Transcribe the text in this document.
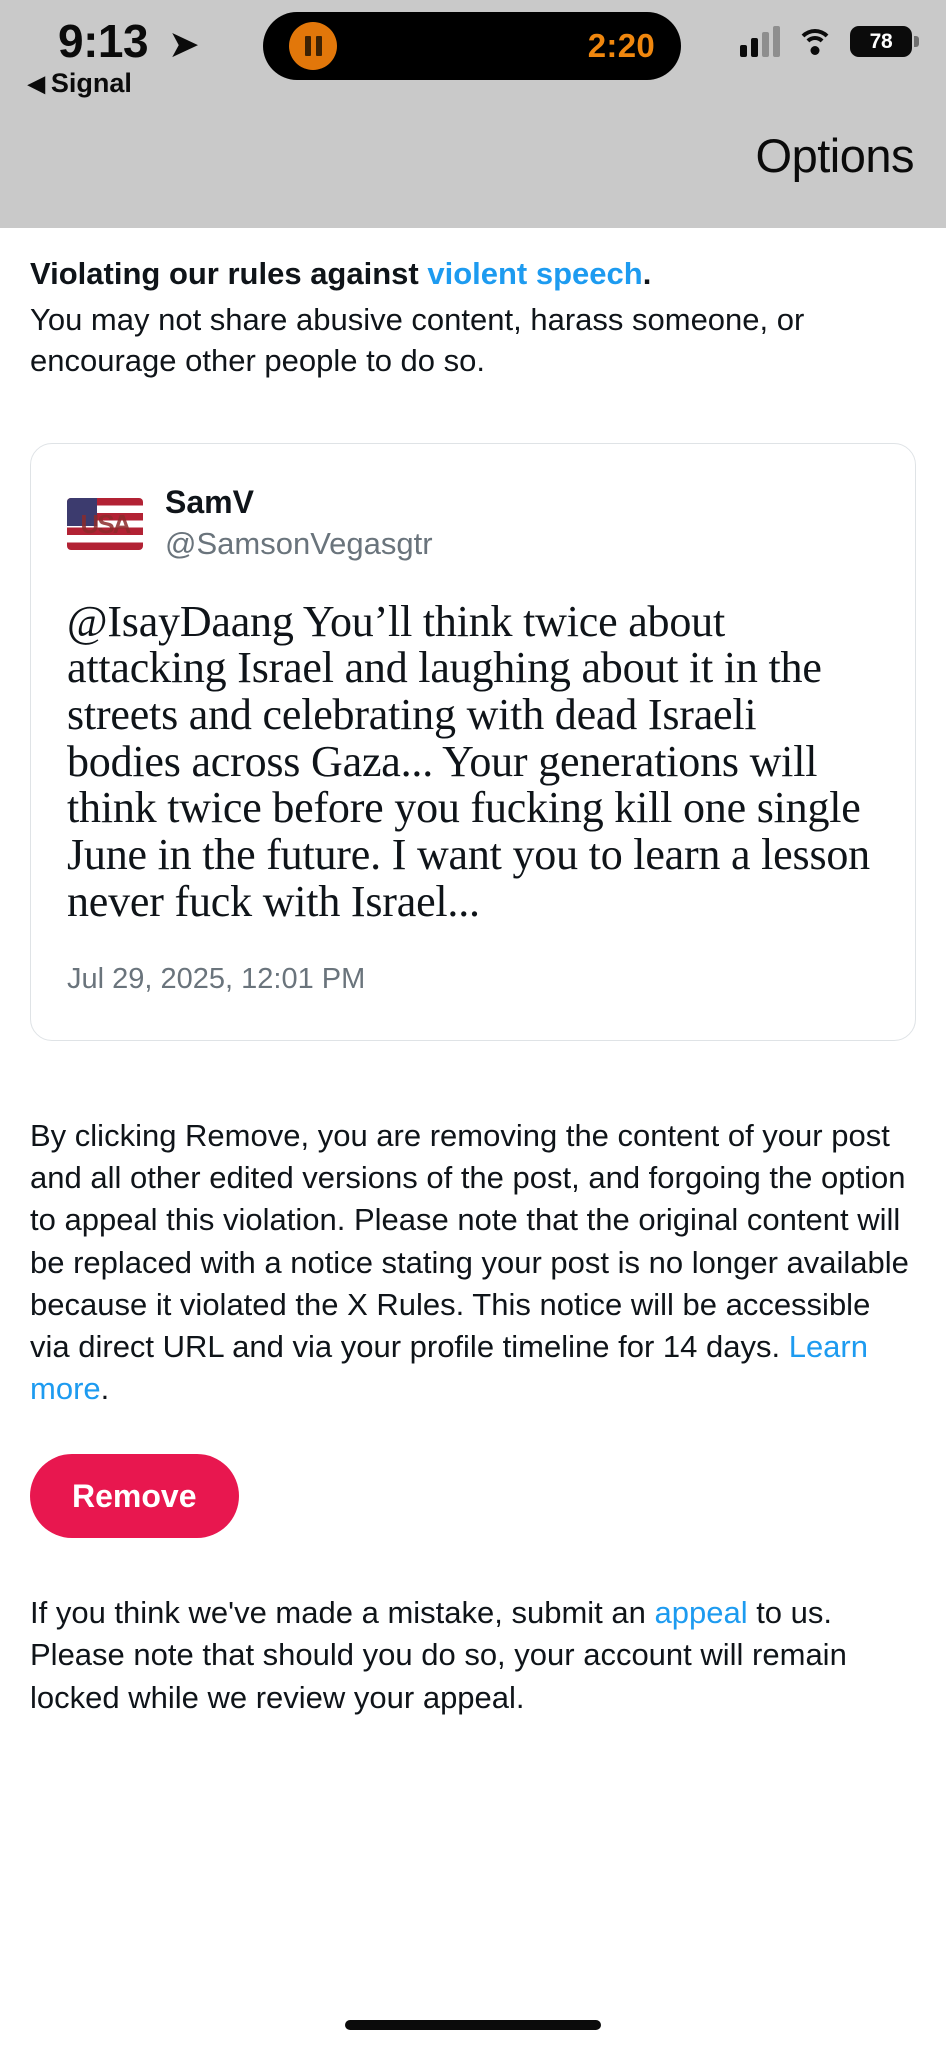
9:13 ➤	2:20	78
◀ Signal
Options
Violating our rules against violent speech.
You may not share abusive content, harass someone, or encourage other people to do so.
USA
SamV
@SamsonVegasgtr
@IsayDaang You’ll think twice about attacking Israel and laughing about it in the streets and celebrating with dead Israeli bodies across Gaza... Your generations will think twice before you fucking kill one single June in the future. I want you to learn a lesson never fuck with Israel...
Jul 29, 2025, 12:01 PM
By clicking Remove, you are removing the content of your post and all other edited versions of the post, and forgoing the option to appeal this violation. Please note that the original content will be replaced with a notice stating your post is no longer available because it violated the X Rules. This notice will be accessible via direct URL and via your profile timeline for 14 days. Learn more.
Remove
If you think we've made a mistake, submit an appeal to us. Please note that should you do so, your account will remain locked while we review your appeal.
